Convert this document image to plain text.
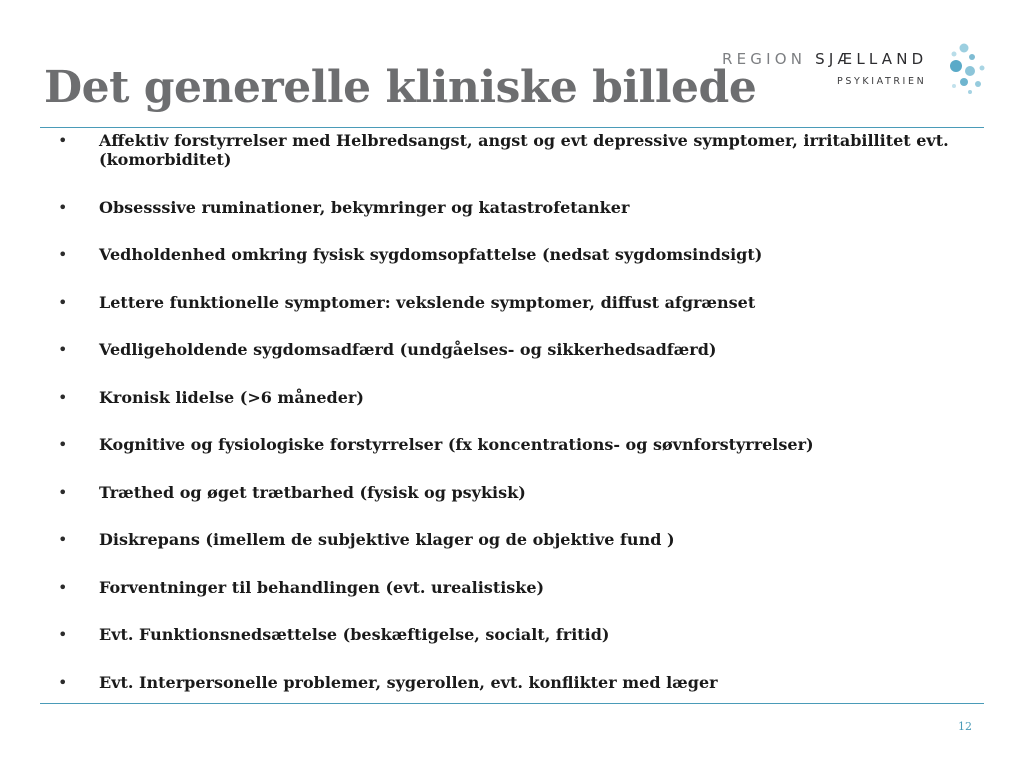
Det generelle kliniske billede
REGION SJÆLLAND
PSYKIATRIEN
• Affektiv forstyrrelser med Helbredsangst, angst og evt depressive symptomer, irritabillitet evt. (komorbiditet)
• Obsesssive ruminationer, bekymringer og katastrofetanker
• Vedholdenhed omkring fysisk sygdomsopfattelse (nedsat sygdomsindsigt)
• Lettere funktionelle symptomer: vekslende symptomer, diffust afgrænset
• Vedligeholdende sygdomsadfærd (undgåelses- og sikkerhedsadfærd)
• Kronisk lidelse (>6 måneder)
• Kognitive og fysiologiske forstyrrelser (fx koncentrations- og søvnforstyrrelser)
• Træthed og øget trætbarhed (fysisk og psykisk)
• Diskrepans (imellem de subjektive klager og de objektive fund )
• Forventninger til behandlingen (evt. urealistiske)
• Evt. Funktionsnedsættelse (beskæftigelse, socialt, fritid)
• Evt. Interpersonelle problemer, sygerollen, evt. konflikter med læger
12
